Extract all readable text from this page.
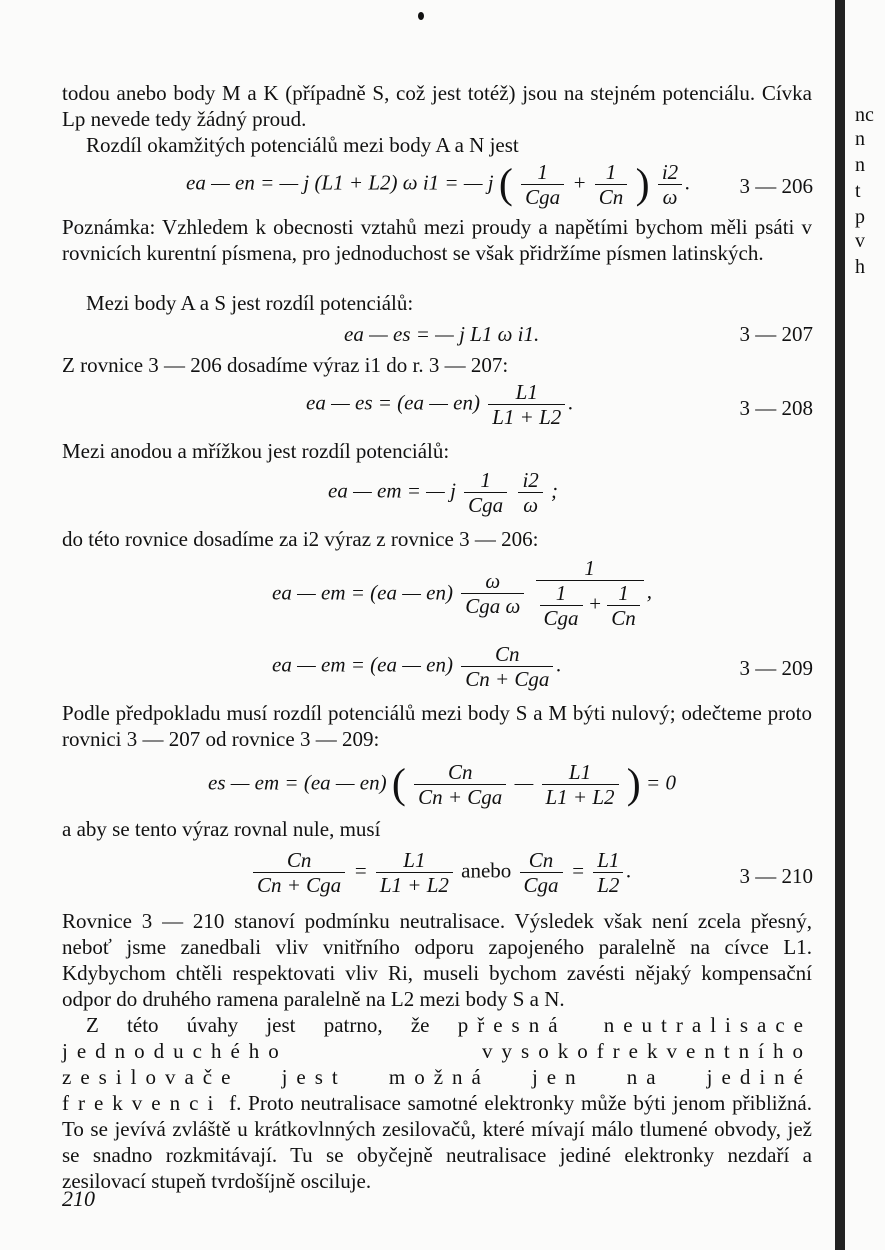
todou anebo body M a K (případně S, což jest totéž) jsou na stejném potenciálu. Cívka Lp nevede tedy žádný proud.
Rozdíl okamžitých potenciálů mezi body A a N jest
ea — en = — j (L1 + L2) ω i1 = — j ( $\frac{1}{\text{Cga}} + \frac{1}{Cn}$ ) $\frac{i2}{\omega}$ . 3 — 206
Poznámka: Vzhledem k obecnosti vztahů mezi proudy a napětími bychom měli psáti v rovnicích kurentní písmena, pro jednoduchost se však přidržíme písmen latinských.
Mezi body A a S jest rozdíl potenciálů:
ea — es = — j L1 ω i1.	3 — 207
Z rovnice 3 — 206 dosadíme výraz i1 do r. 3 — 207:
ea — es = (ea — $en) \frac{L1}{L1 + L2}$ .	3 — 208
Mezi anodou a mřížkou jest rozdíl potenciálů:
ea — em = — j $\frac{1}{\text{Cga}}$
$\frac{i2}{\omega}$ ;
do této rovnice dosadíme za i2 výraz z rovnice 3 — 206:
ea — em = (ea — $en) \frac{\omega}{\text{Cga ω}}$
$\frac{1}{\frac{1}{\text{Cga}} + \frac{1}{Cn}}$ ,
ea — em = (ea — $en) \frac{Cn}{\text{Cn + Cga}}$ .	3 — 209
Podle předpokladu musí rozdíl potenciálů mezi body S a M býti nulový; odečteme proto rovnici 3 — 207 od rovnice 3 — 209:
es — em = (ea — en) ( $\frac{Cn}{\text{Cn + Cga}}$ — $\frac{L1}{L1 + L2}$ ) = 0
a aby se tento výraz rovnal nule, musí
$\frac{Cn}{\text{Cn + Cga}} = \frac{L1}{L1 + L2}$ anebo $\frac{Cn}{\text{Cga}} = \frac{L1}{L2}$ .	3 — 210
Rovnice 3 — 210 stanoví podmínku neutralisace. Výsledek však není zcela přesný, neboť jsme zanedbali vliv vnitřního odporu zapojeného paralelně na cívce L1. Kdybychom chtěli respektovati vliv Ri, museli bychom zavésti nějaký kompensační odpor do druhého ramena paralelně na L2 mezi body S a N.
Z této úvahy jest patrno, že přesná neutralisace jednoduchého vysokofrekventního zesilovače jest možná jen na jediné frekvenci f. Proto neutralisace samotné elektronky může býti jenom přibližná. To se jevívá zvláště u krátkovlnných zesilovačů, které mívají málo tlumené obvody, jež se snadno rozkmitávají. Tu se obyčejně neutralisace jediné elektronky nezdaří a zesilovací stupeň tvrdošíjně osciluje.
210
nc
n
n
t
p
v
h
